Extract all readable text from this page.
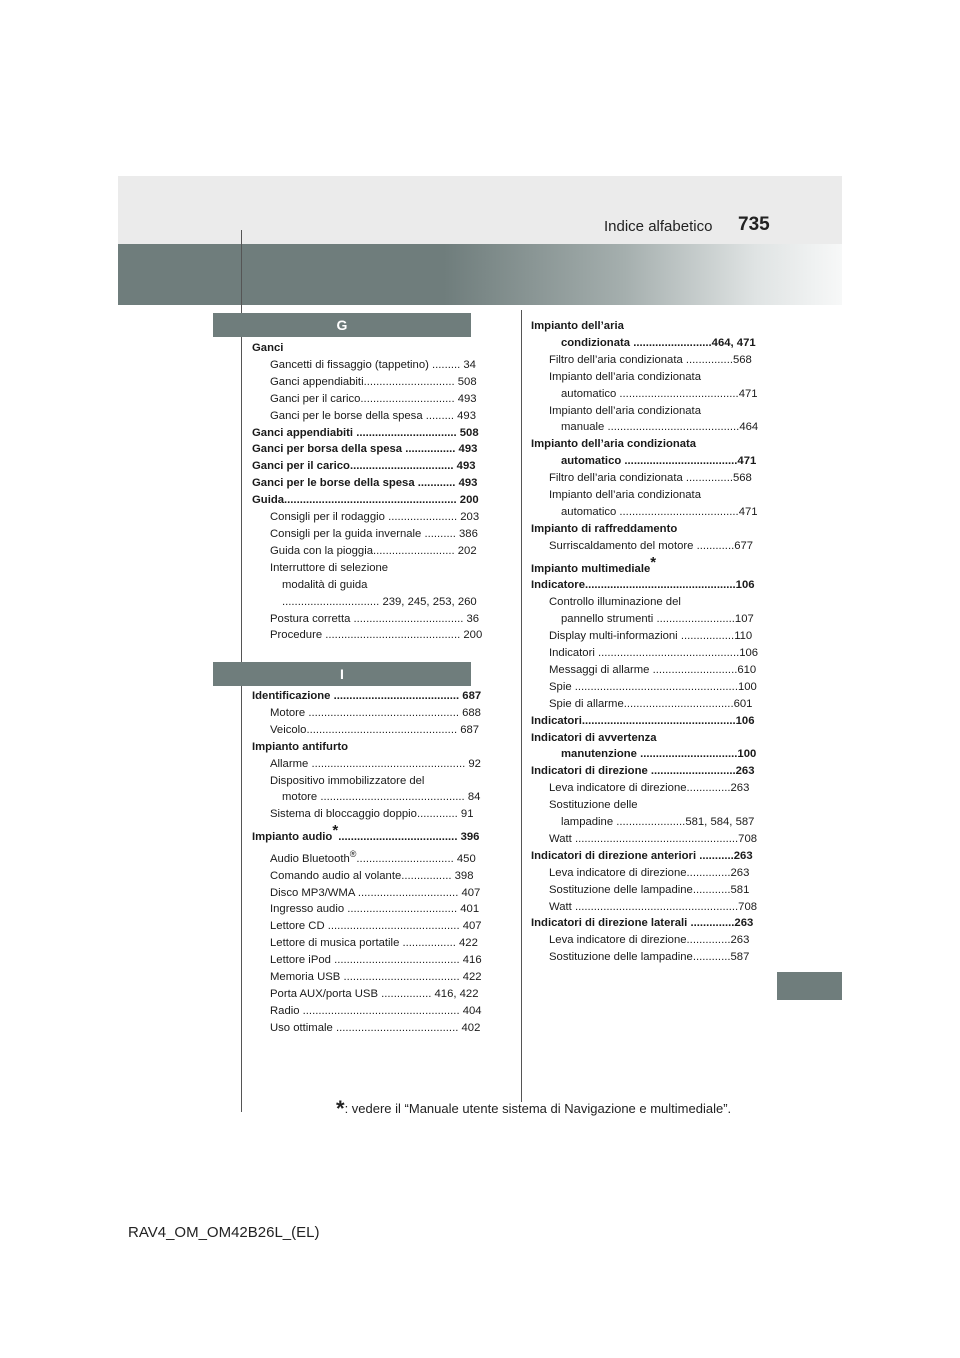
Indice alfabetico 735
G
Ganci
Gancetti di fissaggio (tappetino) ......... 34
Ganci appendiabiti............................. 508
Ganci per il carico.............................. 493
Ganci per le borse della spesa ......... 493
Ganci appendiabiti ................................ 508
Ganci per borsa della spesa ................ 493
Ganci per il carico................................. 493
Ganci per le borse della spesa ............ 493
Guida....................................................... 200
Consigli per il rodaggio ...................... 203
Consigli per la guida invernale .......... 386
Guida con la pioggia.......................... 202
Interruttore di selezione
modalità di guida
............................... 239, 245, 253, 260
Postura corretta ................................... 36
Procedure ........................................... 200
I
Identificazione ........................................ 687
Motore ................................................ 688
Veicolo................................................ 687
Impianto antifurto
Allarme ................................................. 92
Dispositivo immobilizzatore del
motore .............................................. 84
Sistema di bloccaggio doppio............. 91
Impianto audio*...................................... 396
Audio Bluetooth®............................... 450
Comando audio al volante................ 398
Disco MP3/WMA ................................ 407
Ingresso audio ................................... 401
Lettore CD .......................................... 407
Lettore di musica portatile ................. 422
Lettore iPod ........................................ 416
Memoria USB ..................................... 422
Porta AUX/porta USB ................ 416, 422
Radio .................................................. 404
Uso ottimale ....................................... 402
Impianto dell’aria
condizionata .........................464, 471
Filtro dell’aria condizionata ...............568
Impianto dell’aria condizionata
automatico ......................................471
Impianto dell’aria condizionata
manuale ..........................................464
Impianto dell’aria condizionata
automatico ....................................471
Filtro dell’aria condizionata ...............568
Impianto dell’aria condizionata
automatico ......................................471
Impianto di raffreddamento
Surriscaldamento del motore ............677
Impianto multimediale*
Indicatore................................................106
Controllo illuminazione del
pannello strumenti .........................107
Display multi-informazioni .................110
Indicatori .............................................106
Messaggi di allarme ...........................610
Spie ....................................................100
Spie di allarme...................................601
Indicatori.................................................106
Indicatori di avvertenza
manutenzione ...............................100
Indicatori di direzione ...........................263
Leva indicatore di direzione..............263
Sostituzione delle
lampadine ......................581, 584, 587
Watt ....................................................708
Indicatori di direzione anteriori ...........263
Leva indicatore di direzione..............263
Sostituzione delle lampadine............581
Watt ....................................................708
Indicatori di direzione laterali ..............263
Leva indicatore di direzione..............263
Sostituzione delle lampadine............587
*: vedere il “Manuale utente sistema di Navigazione e multimediale”.
RAV4_OM_OM42B26L_(EL)
